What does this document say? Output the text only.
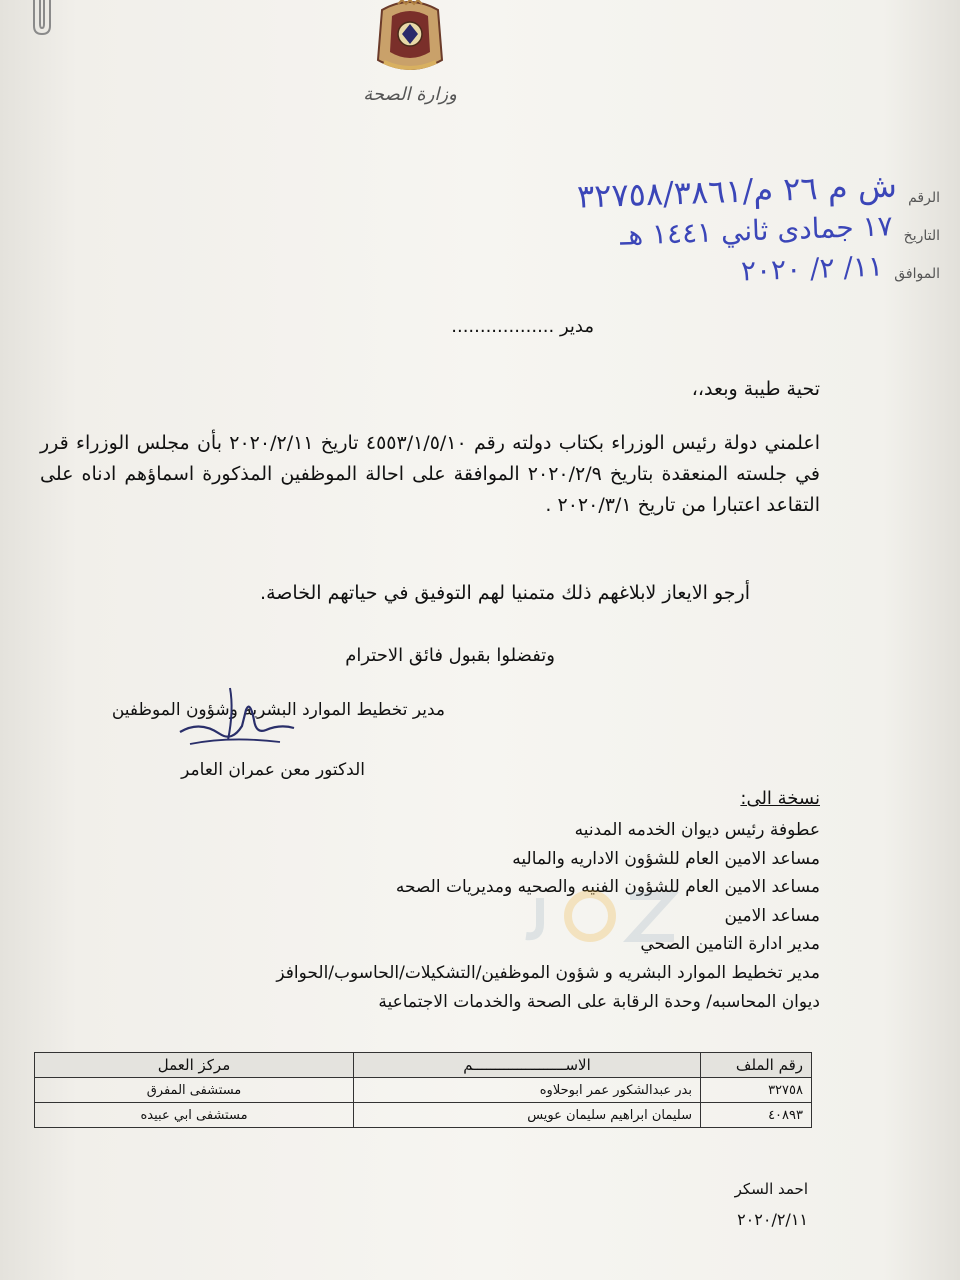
وزارة الصحة
الرقم ش م ٢٦ م/٣٢٧٥٨/٣٨٦١
التاريخ ١٧ جمادى ثاني ١٤٤١ هـ
الموافق ١١/ ٢/ ٢٠٢٠
مدير ..................
تحية طيبة وبعد،،
اعلمني دولة رئيس الوزراء بكتاب دولته رقم ٤٥٥٣/١/٥/١٠ تاريخ ٢٠٢٠/٢/١١ بأن مجلس الوزراء قرر في جلسته المنعقدة بتاريخ ٢٠٢٠/٢/٩ الموافقة على احالة الموظفين المذكورة اسماؤهم ادناه على التقاعد اعتبارا من تاريخ ٢٠٢٠/٣/١ .
أرجو الايعاز لابلاغهم ذلك متمنيا لهم التوفيق في حياتهم الخاصة.
وتفضلوا بقبول فائق الاحترام
مدير تخطيط الموارد البشريه وشؤون الموظفين
الدكتور معن عمران العامر
نسخة الى:
عطوفة رئيس ديوان الخدمه المدنيه
مساعد الامين العام للشؤون الاداريه والماليه
مساعد الامين العام للشؤون الفنيه والصحيه ومديريات الصحه
مساعد الامين
مدير ادارة التامين الصحي
مدير تخطيط الموارد البشريه و شؤون الموظفين/التشكيلات/الحاسوب/الحوافز
ديوان المحاسبه/ وحدة الرقابة على الصحة والخدمات الاجتماعية
رقم الملف	الاســـــــــــــــــــــم	مركز العمل
٣٢٧٥٨	بدر عبدالشكور عمر ابوحلاوه	مستشفى المفرق
٤٠٨٩٣	سليمان ابراهيم سليمان عويس	مستشفى ابي عبيده
احمد السكر
٢٠٢٠/٢/١١
